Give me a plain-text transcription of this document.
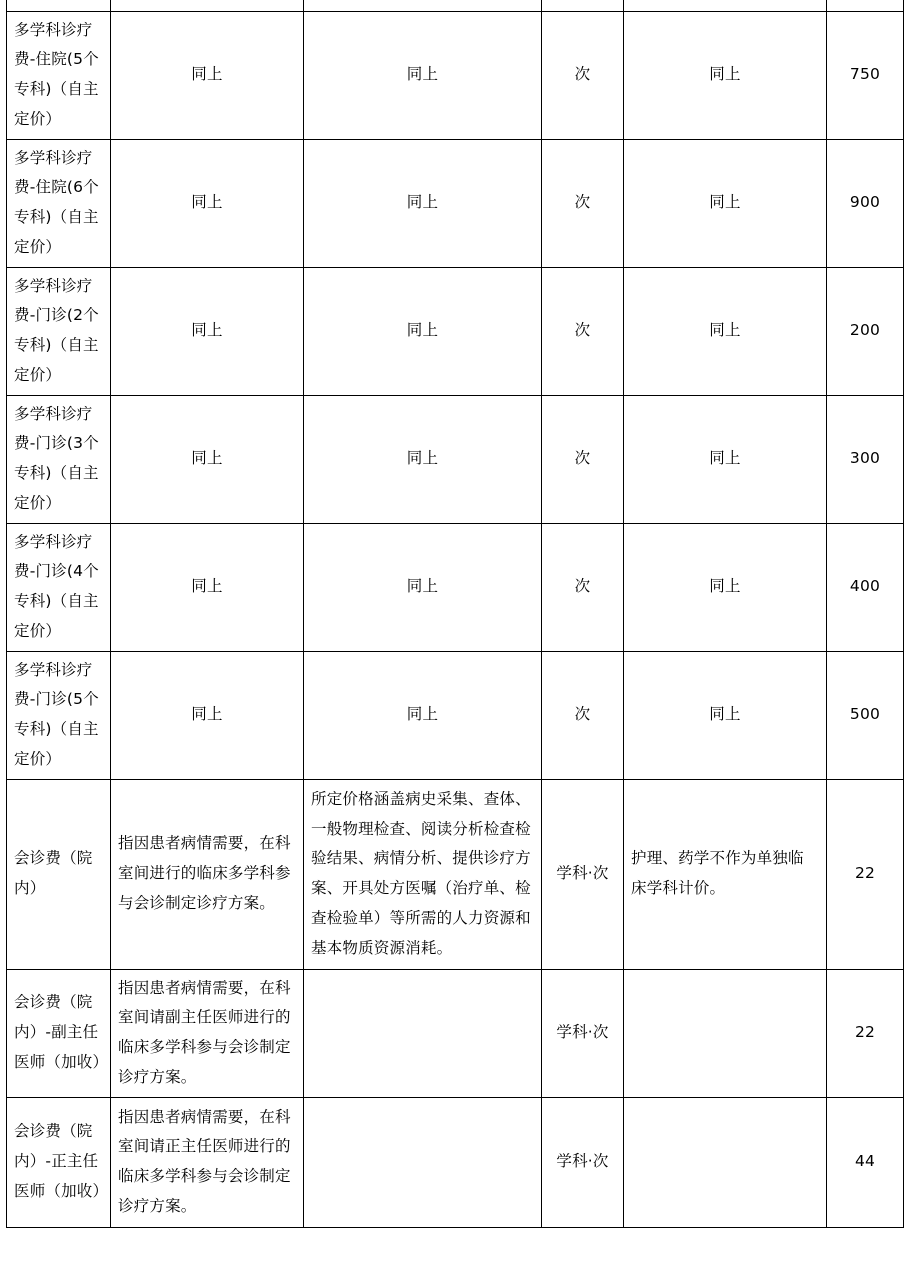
多学科诊疗费-住院(5个专科)（自主定价）	同上	同上	次	同上	750
多学科诊疗费-住院(6个专科)（自主定价）	同上	同上	次	同上	900
多学科诊疗费-门诊(2个专科)（自主定价）	同上	同上	次	同上	200
多学科诊疗费-门诊(3个专科)（自主定价）	同上	同上	次	同上	300
多学科诊疗费-门诊(4个专科)（自主定价）	同上	同上	次	同上	400
多学科诊疗费-门诊(5个专科)（自主定价）	同上	同上	次	同上	500
会诊费（院内）	指因患者病情需要，在科室间进行的临床多学科参与会诊制定诊疗方案。	所定价格涵盖病史采集、查体、一般物理检查、阅读分析检查检验结果、病情分析、提供诊疗方案、开具处方医嘱（治疗单、检查检验单）等所需的人力资源和基本物质资源消耗。	学科·次	护理、药学不作为单独临床学科计价。	22
会诊费（院内）-副主任医师（加收）	指因患者病情需要，在科室间请副主任医师进行的临床多学科参与会诊制定诊疗方案。		学科·次		22
会诊费（院内）-正主任医师（加收）	指因患者病情需要，在科室间请正主任医师进行的临床多学科参与会诊制定诊疗方案。		学科·次		44
